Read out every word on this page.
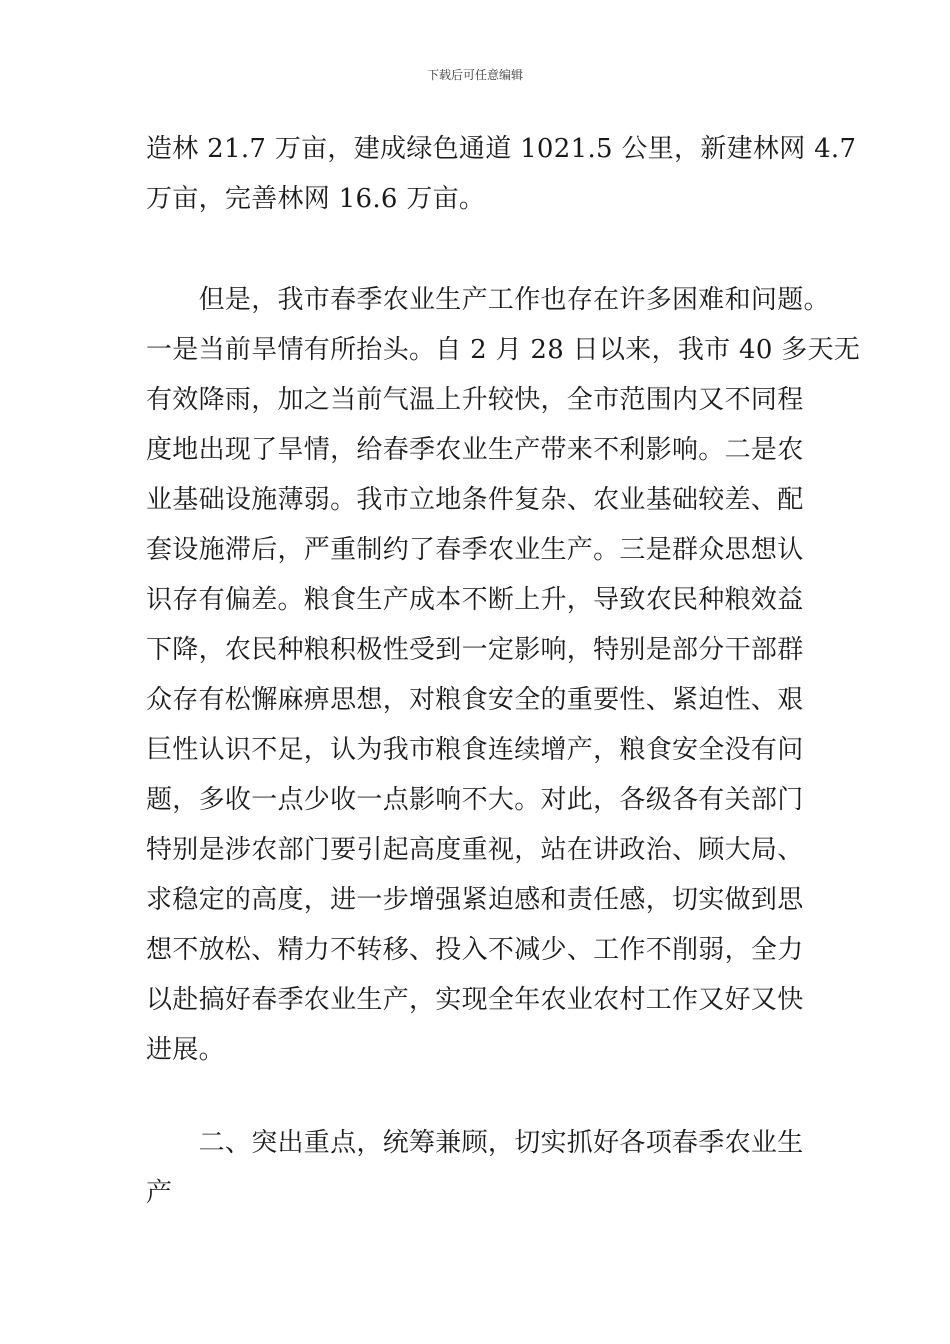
下载后可任意编辑
造林 21.7 万亩，建成绿色通道 1021.5 公里，新建林网 4.7
万亩，完善林网 16.6 万亩。
　　但是，我市春季农业生产工作也存在许多困难和问题。
一是当前旱情有所抬头。自 2 月 28 日以来，我市 40 多天无
有效降雨，加之当前气温上升较快，全市范围内又不同程
度地出现了旱情，给春季农业生产带来不利影响。二是农
业基础设施薄弱。我市立地条件复杂、农业基础较差、配
套设施滞后，严重制约了春季农业生产。三是群众思想认
识存有偏差。粮食生产成本不断上升，导致农民种粮效益
下降，农民种粮积极性受到一定影响，特别是部分干部群
众存有松懈麻痹思想，对粮食安全的重要性、紧迫性、艰
巨性认识不足，认为我市粮食连续增产，粮食安全没有问
题，多收一点少收一点影响不大。对此，各级各有关部门
特别是涉农部门要引起高度重视，站在讲政治、顾大局、
求稳定的高度，进一步增强紧迫感和责任感，切实做到思
想不放松、精力不转移、投入不减少、工作不削弱，全力
以赴搞好春季农业生产，实现全年农业农村工作又好又快
进展。
　　二、突出重点，统筹兼顾，切实抓好各项春季农业生
产
